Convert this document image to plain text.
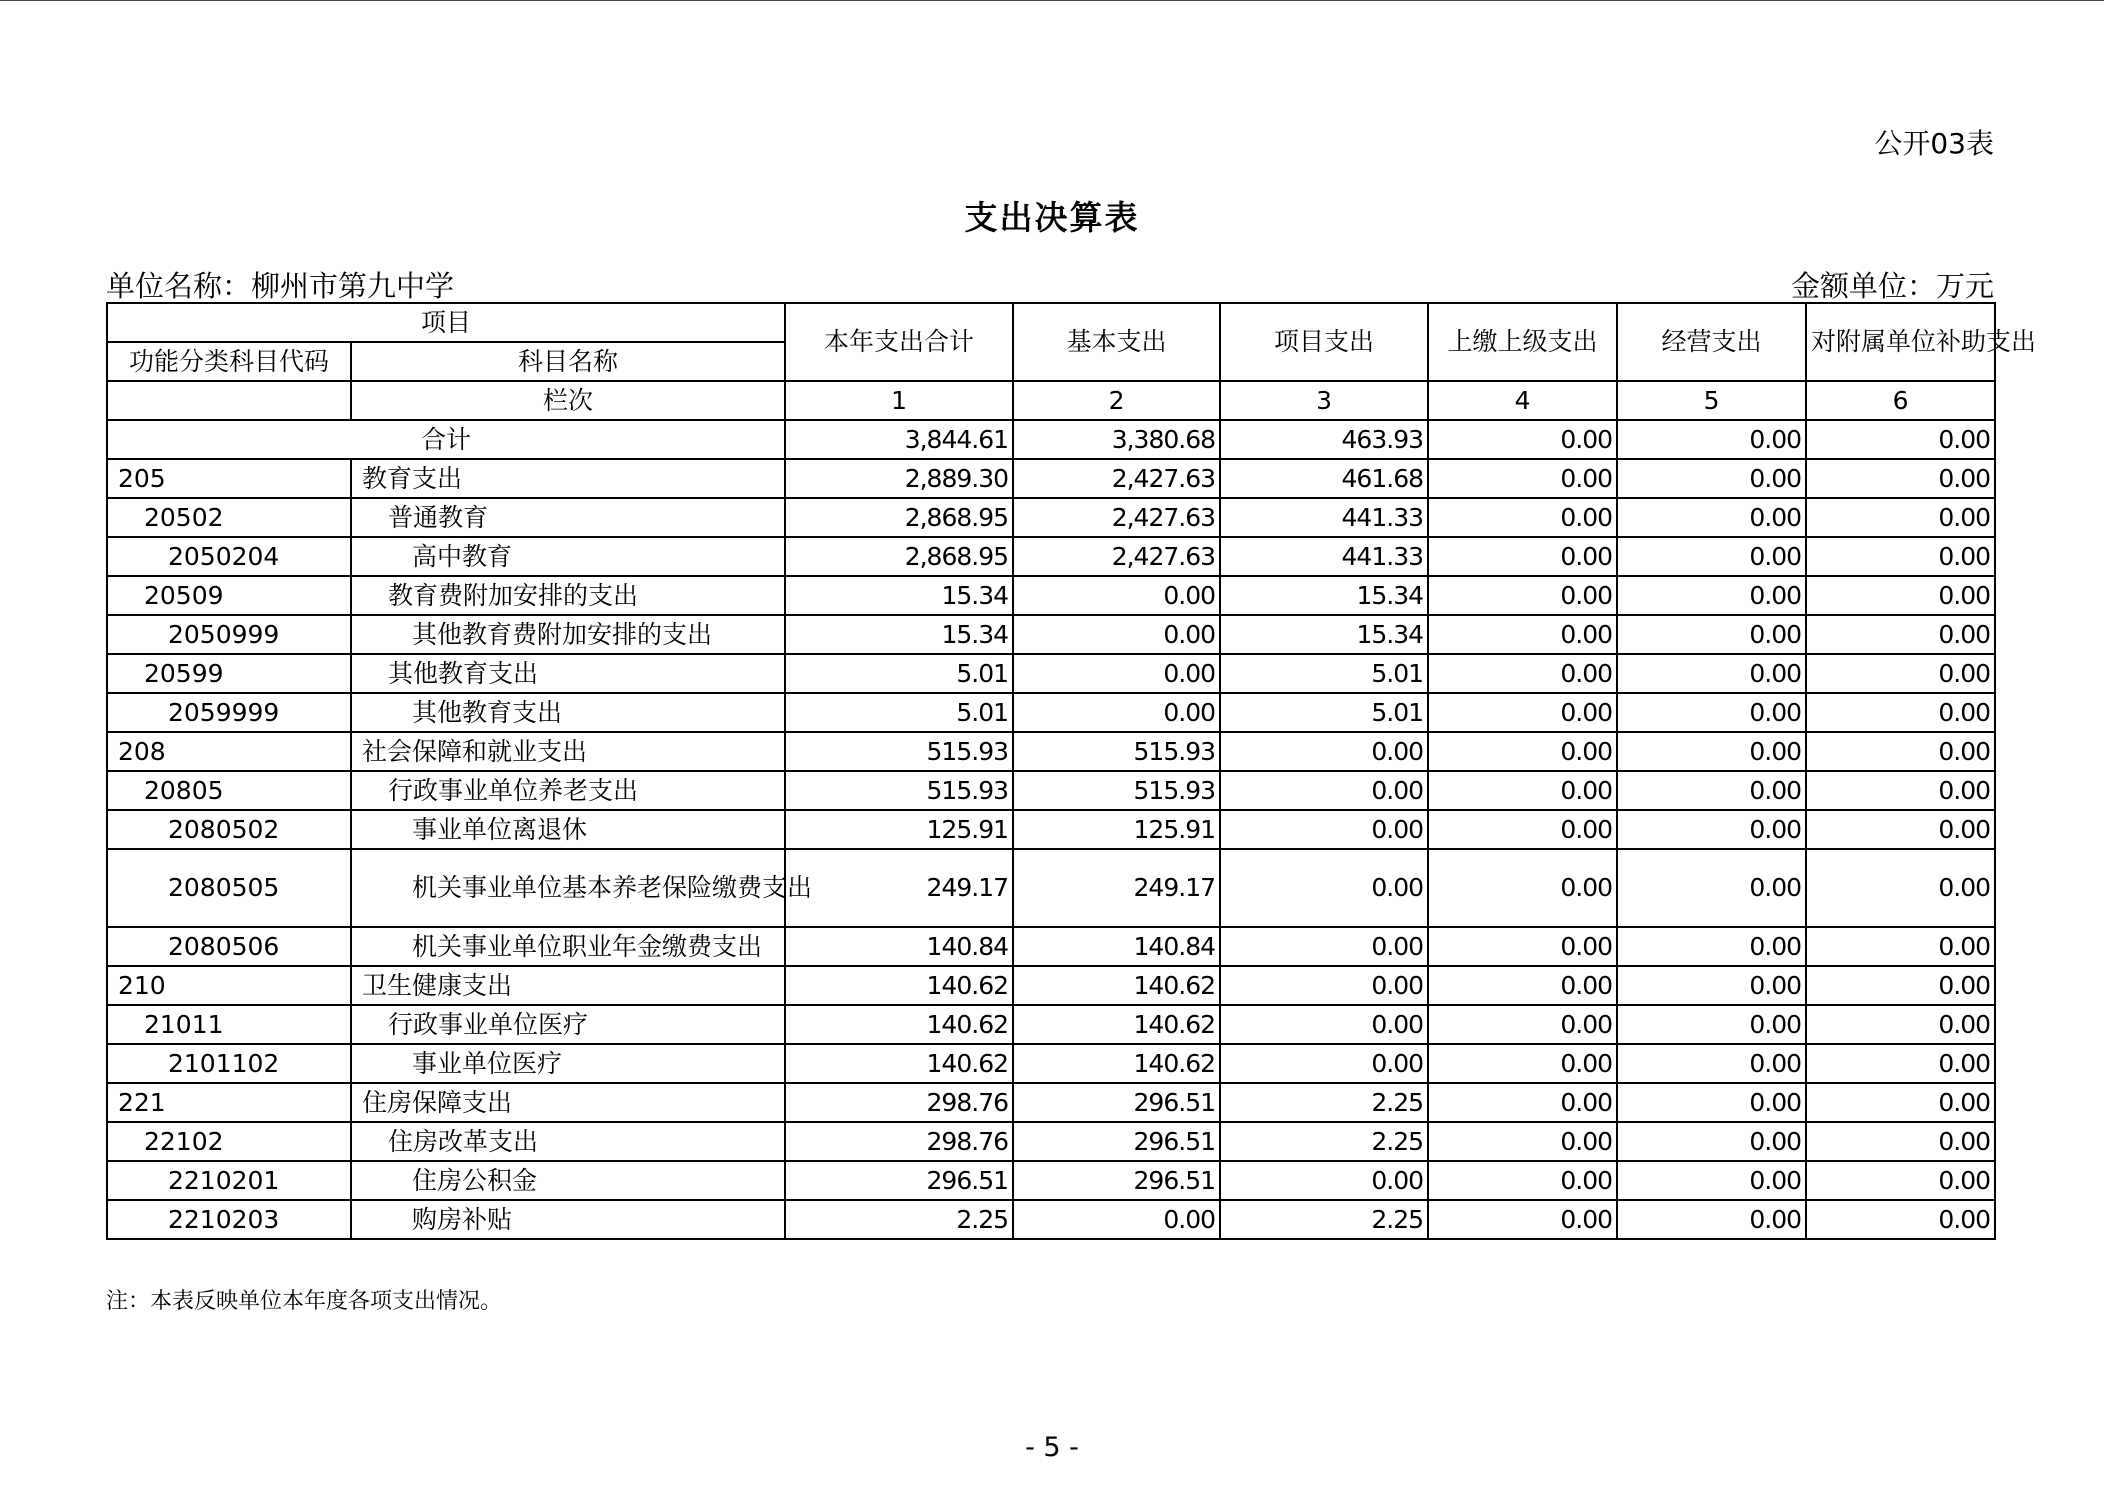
公开03表
支出决算表
单位名称：柳州市第九中学	金额单位：万元
项目		本年支出合计	基本支出	项目支出	上缴上级支出	经营支出	对附属单位补助支出
功能分类科目代码	科目名称						
	栏次	1	2	3	4	5	6
合计		3,844.61	3,380.68	463.93	0.00	0.00	0.00
205	教育支出	2,889.30	2,427.63	461.68	0.00	0.00	0.00
20502	普通教育	2,868.95	2,427.63	441.33	0.00	0.00	0.00
2050204	高中教育	2,868.95	2,427.63	441.33	0.00	0.00	0.00
20509	教育费附加安排的支出	15.34	0.00	15.34	0.00	0.00	0.00
2050999	其他教育费附加安排的支出	15.34	0.00	15.34	0.00	0.00	0.00
20599	其他教育支出	5.01	0.00	5.01	0.00	0.00	0.00
2059999	其他教育支出	5.01	0.00	5.01	0.00	0.00	0.00
208	社会保障和就业支出	515.93	515.93	0.00	0.00	0.00	0.00
20805	行政事业单位养老支出	515.93	515.93	0.00	0.00	0.00	0.00
2080502	事业单位离退休	125.91	125.91	0.00	0.00	0.00	0.00
2080505	机关事业单位基本养老保险缴费支出	249.17	249.17	0.00	0.00	0.00	0.00
2080506	机关事业单位职业年金缴费支出	140.84	140.84	0.00	0.00	0.00	0.00
210	卫生健康支出	140.62	140.62	0.00	0.00	0.00	0.00
21011	行政事业单位医疗	140.62	140.62	0.00	0.00	0.00	0.00
2101102	事业单位医疗	140.62	140.62	0.00	0.00	0.00	0.00
221	住房保障支出	298.76	296.51	2.25	0.00	0.00	0.00
22102	住房改革支出	298.76	296.51	2.25	0.00	0.00	0.00
2210201	住房公积金	296.51	296.51	0.00	0.00	0.00	0.00
2210203	购房补贴	2.25	0.00	2.25	0.00	0.00	0.00
注：本表反映单位本年度各项支出情况。
- 5 -
